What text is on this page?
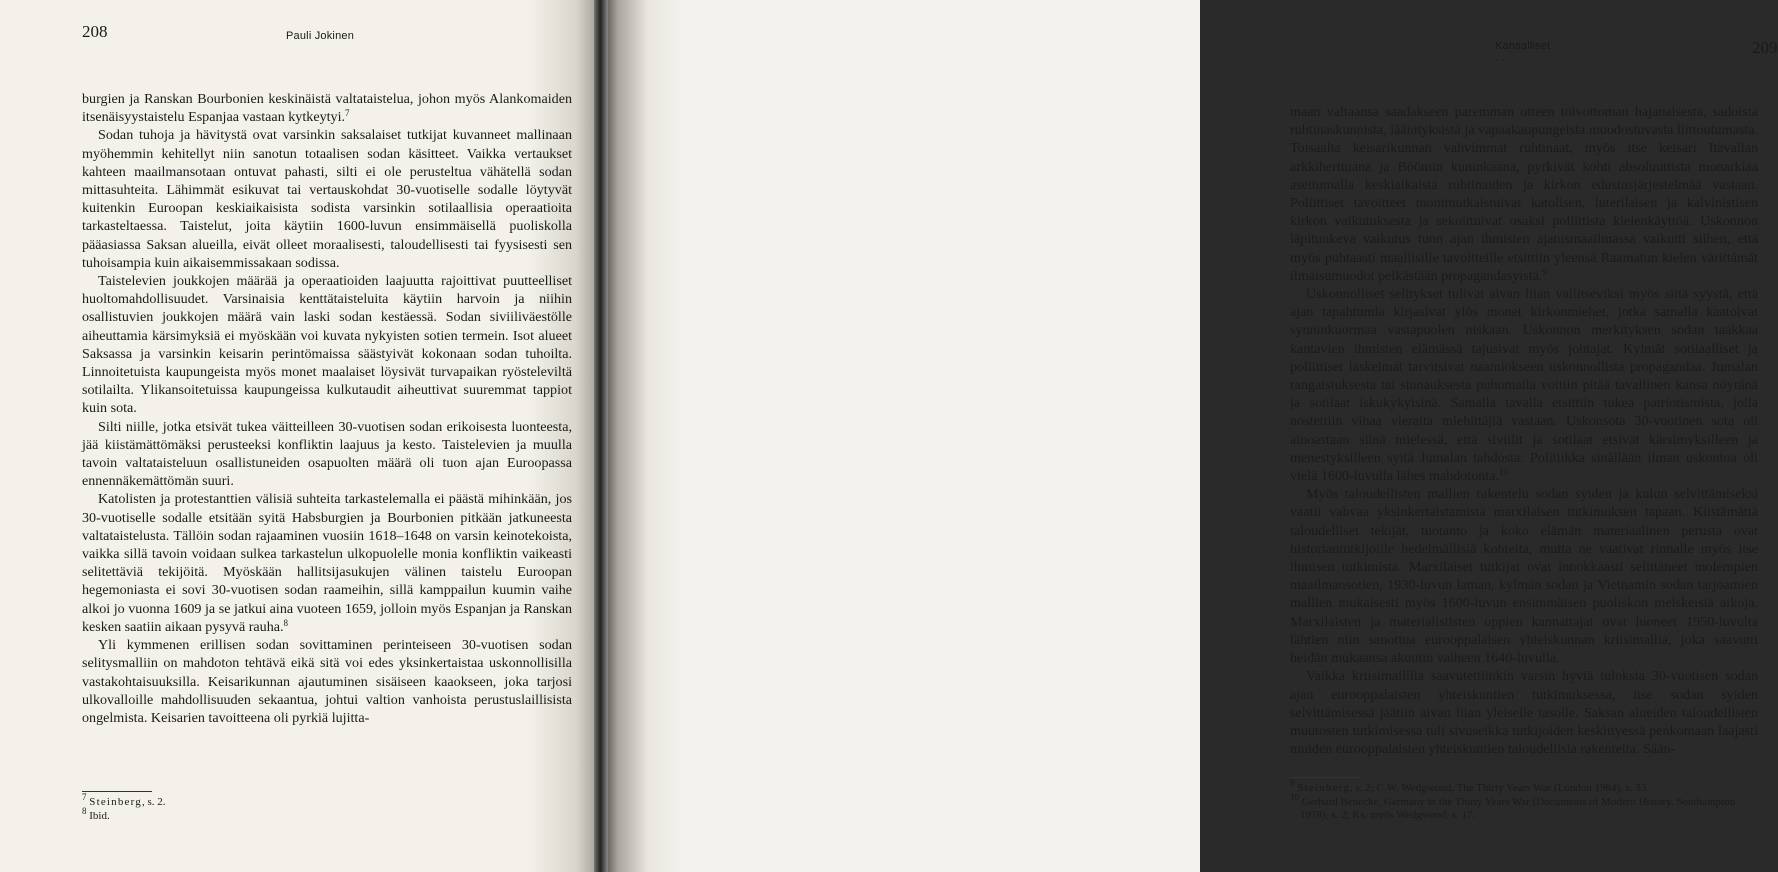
208	Pauli Jokinen

burgien ja Ranskan Bourbonien keskinäistä valtataistelua, johon myös Alankomaiden itsenäisyystaistelu Espanjaa vastaan kytkeytyi.$^7$

Sodan tuhoja ja hävitystä ovat varsinkin saksalaiset tutkijat kuvanneet mallinaan myöhemmin kehitellyt niin sanotun totaalisen sodan käsitteet. Vaikka vertaukset kahteen maailmansotaan ontuvat pahasti, silti ei ole perusteltua vähätellä sodan mittasuhteita. Lähimmät esikuvat tai vertauskohdat 30-vuotiselle sodalle löytyvät kuitenkin Euroopan keskiaikaisista sodista varsinkin sotilaallisia operaatioita tarkasteltaessa. Taistelut, joita käytiin 1600-luvun ensimmäisellä puoliskolla pääasiassa Saksan alueilla, eivät olleet moraalisesti, taloudellisesti tai fyysisesti sen tuhoisampia kuin aikaisemmissakaan sodissa.

Taistelevien joukkojen määrää ja operaatioiden laajuutta rajoittivat puutteelliset huoltomahdollisuudet. Varsinaisia kenttätaisteluita käytiin harvoin ja niihin osallistuvien joukkojen määrä vain laski sodan kestäessä. Sodan siviiliväestölle aiheuttamia kärsimyksiä ei myöskään voi kuvata nykyisten sotien termein. Isot alueet Saksassa ja varsinkin keisarin perintömaissa säästyivät kokonaan sodan tuhoilta. Linnoitetuista kaupungeista myös monet maalaiset löysivät turvapaikan ryösteleviltä sotilailta. Ylikansoitetuissa kaupungeissa kulkutaudit aiheuttivat suuremmat tappiot kuin sota.

Silti niille, jotka etsivät tukea väitteilleen 30-vuotisen sodan erikoisesta luonteesta, jää kiistämättömäksi perusteeksi konfliktin laajuus ja kesto. Taistelevien ja muulla tavoin valtataisteluun osallistuneiden osapuolten määrä oli tuon ajan Euroopassa ennennäkemättömän suuri.

Katolisten ja protestanttien välisiä suhteita tarkastelemalla ei päästä mihinkään, jos 30-vuotiselle sodalle etsitään syitä Habsburgien ja Bourbonien pitkään jatkuneesta valtataistelusta. Tällöin sodan rajaaminen vuosiin 1618–1648 on varsin keinotekoista, vaikka sillä tavoin voidaan sulkea tarkastelun ulkopuolelle monia konfliktin vaikeasti selitettäviä tekijöitä. Myöskään hallitsijasukujen välinen taistelu Euroopan hegemoniasta ei sovi 30-vuotisen sodan raameihin, sillä kamppailun kuumin vaihe alkoi jo vuonna 1609 ja se jatkui aina vuoteen 1659, jolloin myös Espanjan ja Ranskan kesken saatiin aikaan pysyvä rauha.$^8$

Yli kymmenen erillisen sodan sovittaminen perinteiseen 30-vuotisen sodan selitysmalliin on mahdoton tehtävä eikä sitä voi edes yksinkertaistaa uskonnollisilla vastakohtaisuuksilla. Keisarikunnan ajautuminen sisäiseen kaaokseen, joka tarjosi ulkovalloille mahdollisuuden sekaantua, johtui valtion vanhoista perustuslaillisista ongelmista. Keisarien tavoitteena oli pyrkiä lujitta-

$^7$ Steinberg, s. 2.
$^8$ Ibid.
Kansalliset . . .
209

maan valtaansa saadakseen paremman otteen toivottoman hajanaisesta, sadoista ruhtinaskunnista, läänityksistä ja vapaakaupungeista muodostuvasta liittoutumasta. Toisaalta keisarikunnan vahvimmat ruhtinaat, myös itse keisari Itävallan arkkiherttuana ja Böömin kuninkaana, pyrkivät kohti absoluuttista monarkiaa asettumalla keskiaikaista ruhtinaiden ja kirkon edustusjärjestelmää vastaan. Poliittiset tavoitteet monimutkaistuivat katolisen, luterilaisen ja kalvinistisen kirkon vaikutuksesta ja sekoittuivat osaksi poliittista kielenkäyttöä. Uskonnon läpitunkeva vaikutus tuon ajan ihmisten ajatusmaailmassa vaikutti siihen, että myös puhtaasti maallisille tavoitteille etsittiin yleensä Raamatun kielen värittämät ilmaisumuodot pelkästään propagandasyistä.$^9$

Uskonnolliset selitykset tulivat aivan liian vallitseviksi myös siitä syystä, että ajan tapahtumia kirjasivat ylös monet kirkonmiehet, jotka samalla kaatoivat synninkuormaa vastapuolen niskaan. Uskonnon merkityksen sodan taakkaa kantavien ihmisten elämässä tajusivat myös johtajat. Kylmät sotilaalliset ja poliittiset laskelmat tarvitsivat naamiokseen uskonnollista propagandaa. Jumalan rangaistuksesta tai siunauksesta puhumalla voitiin pitää tavallinen kansa nöyränä ja sotilaat iskukykyisinä. Samalla tavalla etsittiin tukea patriotismista, jolla nostettiin vihaa vieraita miehittäjiä vastaan. Uskonsota 30-vuotinen sota oli ainoastaan siinä mielessä, että siviilit ja sotilaat etsivät kärsimyksilleen ja menestyksilleen syitä Jumalan tahdosta. Politiikka sinällään ilman uskontoa oli vielä 1600-luvulla lähes mahdotonta.$^{10}$

Myös taloudellisten mallien rakentelu sodan syiden ja kulun selvittämiseksi vaatii vahvaa yksinkertaistamista marxilaisen tutkimuksen tapaan. Kiistämättä taloudelliset tekijät, tuotanto ja koko elämän materiaalinen perusta ovat historiantutkijoille hedelmällisiä kohteita, mutta ne vaativat rinnalle myös itse ihmisen tutkimista. Marxilaiset tutkijat ovat innokkaasti selittäneet molempien maailmansotien, 1930-luvun laman, kylmän sodan ja Vietnamin sodan tarjoamien mallien mukaisesti myös 1600-luvun ensimmäisen puoliskon melskeisiä aikoja. Marxilaisten ja materialististen oppien kannattajat ovat luoneet 1950-luvulta lähtien niin sanottua eurooppalaisen yhteiskunnan kriisimallia, joka saavutti heidän mukaansa akuutin vaiheen 1640-luvulla.

Vaikka kriisimallilla saavutettiinkin varsin hyviä tuloksia 30-vuotisen sodan ajan eurooppalaisten yhteiskuntien tutkimuksessa, itse sodan syiden selvittämisessä jäätiin aivan liian yleiselle tasolle. Saksan alueiden taloudellisten muutosten tutkimisessa tuli sivuseikka tutkijoiden keskittyessä penkomaan laajasti muiden eurooppalaisten yhteiskuntien taloudellisia rakenteita. Sään-

$^9$ Steinberg, s. 2; C.W. Wedgwood, The Thirty Years War (London 1984), s. 33.
$^{10}$ Gerhard Benecke, Germany in the Thirty Years War (Documents of Modern History. Southampton 1978), s. 2; Ks. myös Wedgwood, s. 17.
